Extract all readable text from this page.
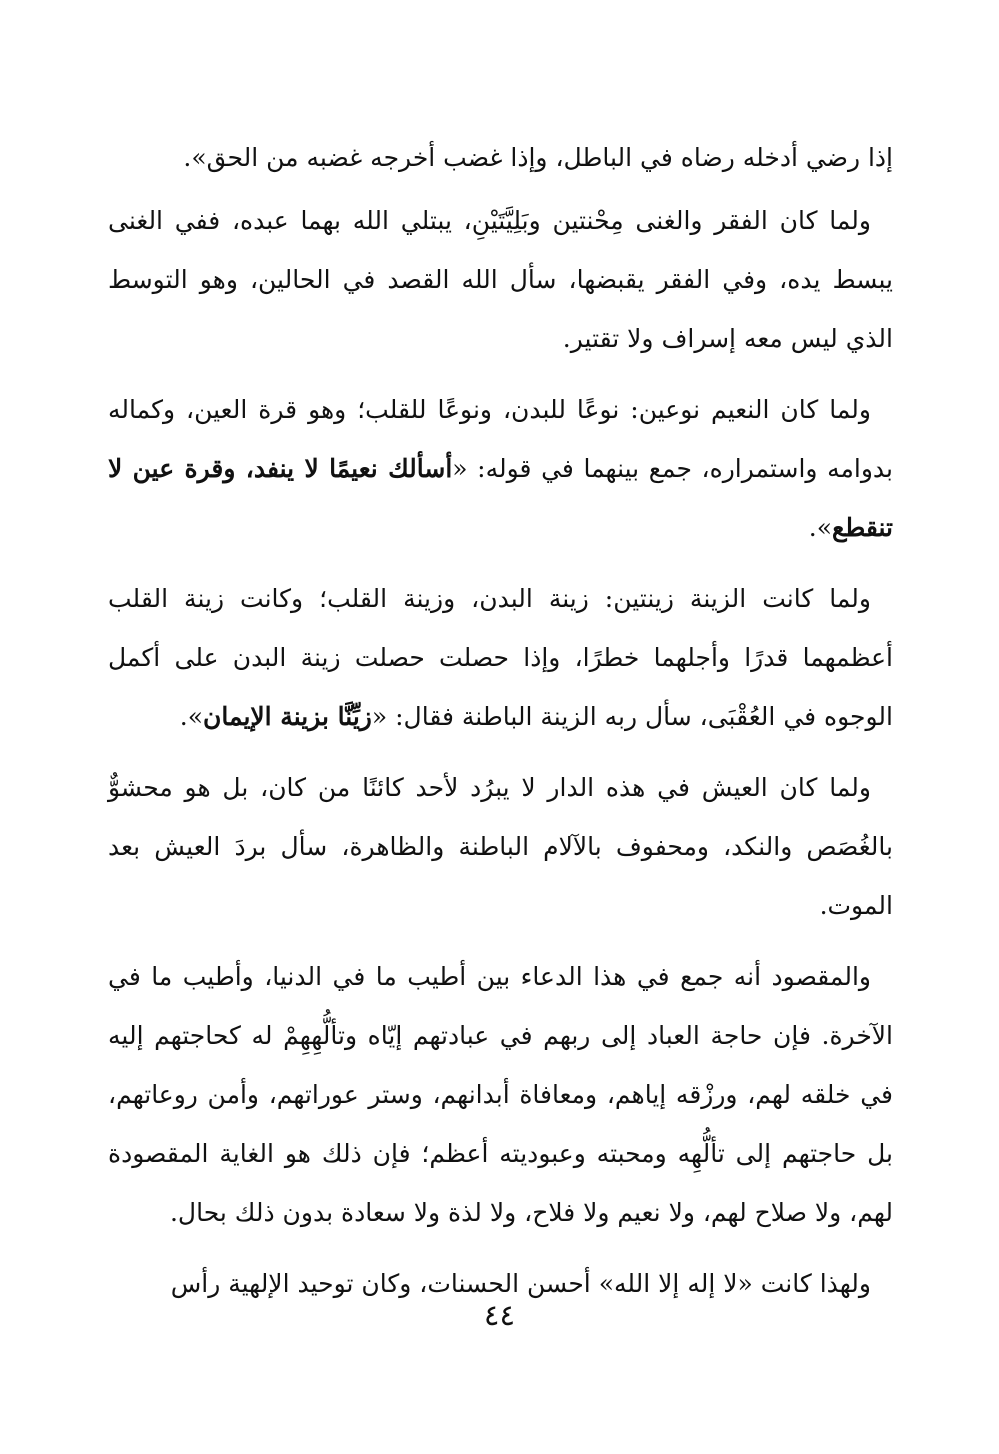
إذا رضي أدخله رضاه في الباطل، وإذا غضب أخرجه غضبه من الحق».

ولما كان الفقر والغنى مِحْنتين وبَلِيَّتَيْنِ، يبتلي الله بهما عبده، ففي الغنى يبسط يده، وفي الفقر يقبضها، سأل الله القصد في الحالين، وهو التوسط الذي ليس معه إسراف ولا تقتير.

ولما كان النعيم نوعين: نوعًا للبدن، ونوعًا للقلب؛ وهو قرة العين، وكماله بدوامه واستمراره، جمع بينهما في قوله: «أسألك نعيمًا لا ينفد، وقرة عين لا تنقطع».

ولما كانت الزينة زينتين: زينة البدن، وزينة القلب؛ وكانت زينة القلب أعظمهما قدرًا وأجلهما خطرًا، وإذا حصلت حصلت زينة البدن على أكمل الوجوه في العُقْبَى، سأل ربه الزينة الباطنة فقال: «زيِّنَّا بزينة الإيمان».

ولما كان العيش في هذه الدار لا يبرُد لأحد كائنًا من كان، بل هو محشوٌّ بالغُصَص والنكد، ومحفوف بالآلام الباطنة والظاهرة، سأل بردَ العيش بعد الموت.

والمقصود أنه جمع في هذا الدعاء بين أطيب ما في الدنيا، وأطيب ما في الآخرة. فإن حاجة العباد إلى ربهم في عبادتهم إيّاه وتألُّهِهِمْ له كحاجتهم إليه في خلقه لهم، ورزْقه إياهم، ومعافاة أبدانهم، وستر عوراتهم، وأمن روعاتهم، بل حاجتهم إلى تألُّهِه ومحبته وعبوديته أعظم؛ فإن ذلك هو الغاية المقصودة لهم، ولا صلاح لهم، ولا نعيم ولا فلاح، ولا لذة ولا سعادة بدون ذلك بحال.

ولهذا كانت «لا إله إلا الله» أحسن الحسنات، وكان توحيد الإلهية رأس

٤٤
